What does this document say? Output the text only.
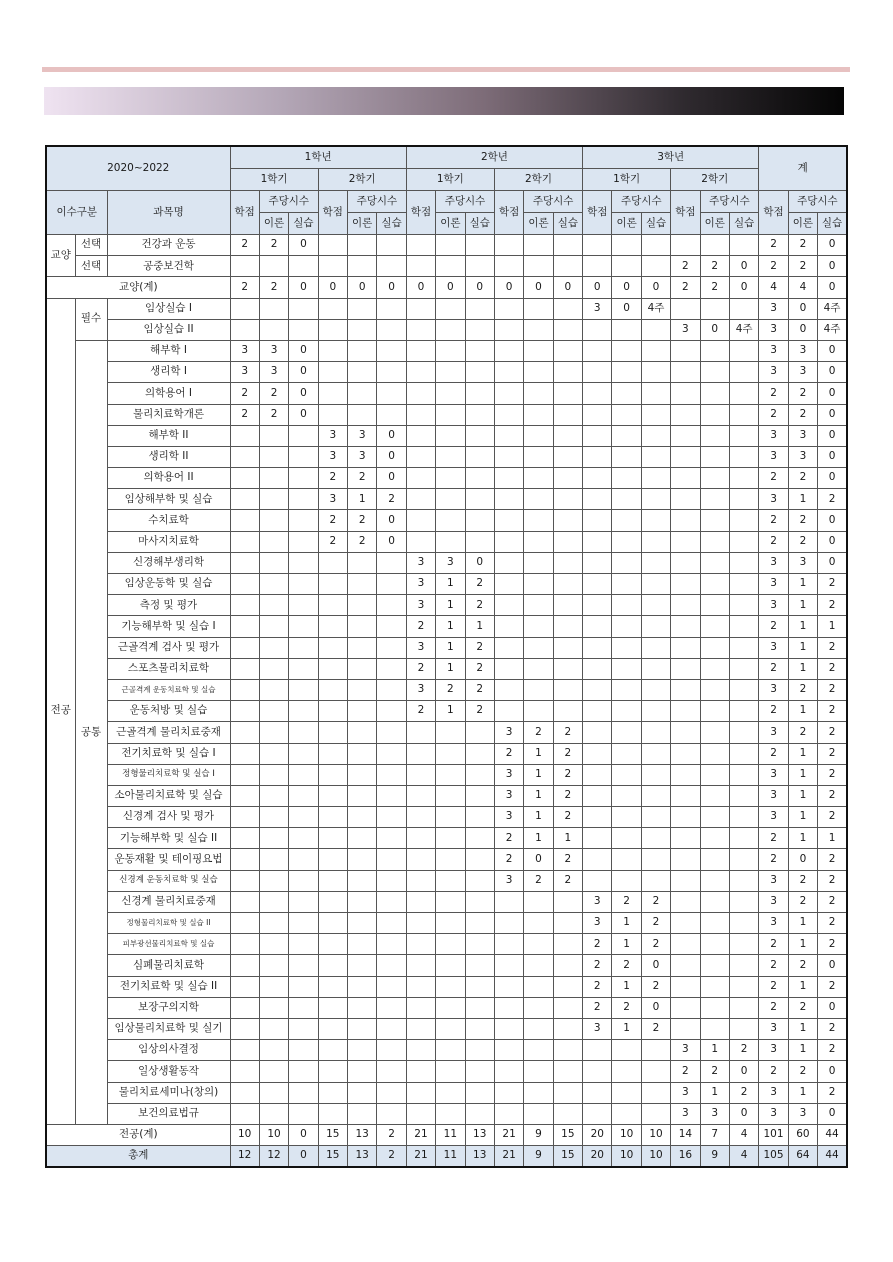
2020~2022			1학년						2학년						3학년						계		
			1학기			2학기			1학기			2학기			1학기			2학기					
이수구분		과목명	학점	주당시수		학점	주당시수		학점	주당시수		학점	주당시수		학점	주당시수		학점	주당시수		학점	주당시수	
				이론	실습		이론	실습		이론	실습		이론	실습		이론	실습		이론	실습		이론	실습
교양	선택	건강과 운동	2	2	0																2	2	0
	선택	공중보건학																2	2	0	2	2	0
교양(계)			2	2	0	0	0	0	0	0	0	0	0	0	0	0	0	2	2	0	4	4	0
전공	필수	임상실습 I													3	0	4주				3	0	4주
		임상실습 II																3	0	4주	3	0	4주
	공통	해부학 I	3	3	0																3	3	0
		생리학 I	3	3	0																3	3	0
		의학용어 I	2	2	0																2	2	0
		물리치료학개론	2	2	0																2	2	0
		해부학 II				3	3	0													3	3	0
		생리학 II				3	3	0													3	3	0
		의학용어 II				2	2	0													2	2	0
		임상해부학 및 실습				3	1	2													3	1	2
		수치료학				2	2	0													2	2	0
		마사지치료학				2	2	0													2	2	0
		신경해부생리학							3	3	0										3	3	0
		임상운동학 및 실습							3	1	2										3	1	2
		측정 및 평가							3	1	2										3	1	2
		기능해부학 및 실습 I							2	1	1										2	1	1
		근골격계 검사 및 평가							3	1	2										3	1	2
		스포츠물리치료학							2	1	2										2	1	2
		근골격계 운동치료학 및 실습							3	2	2										3	2	2
		운동처방 및 실습							2	1	2										2	1	2
		근골격계 물리치료중재										3	2	2							3	2	2
		전기치료학 및 실습 I										2	1	2							2	1	2
		정형물리치료학 및 실습 I										3	1	2							3	1	2
		소아물리치료학 및 실습										3	1	2							3	1	2
		신경계 검사 및 평가										3	1	2							3	1	2
		기능해부학 및 실습 II										2	1	1							2	1	1
		운동재활 및 테이핑요법										2	0	2							2	0	2
		신경계 운동치료학 및 실습										3	2	2							3	2	2
		신경계 물리치료중재													3	2	2				3	2	2
		정형물리치료학 및 실습 II													3	1	2				3	1	2
		피부광선물리치료학 및 실습													2	1	2				2	1	2
		심폐물리치료학													2	2	0				2	2	0
		전기치료학 및 실습 II													2	1	2				2	1	2
		보장구의지학													2	2	0				2	2	0
		임상물리치료학 및 실기													3	1	2				3	1	2
		임상의사결정																3	1	2	3	1	2
		일상생활동작																2	2	0	2	2	0
		물리치료세미나(창의)																3	1	2	3	1	2
		보건의료법규																3	3	0	3	3	0
전공(계)			10	10	0	15	13	2	21	11	13	21	9	15	20	10	10	14	7	4	101	60	44
총계			12	12	0	15	13	2	21	11	13	21	9	15	20	10	10	16	9	4	105	64	44
